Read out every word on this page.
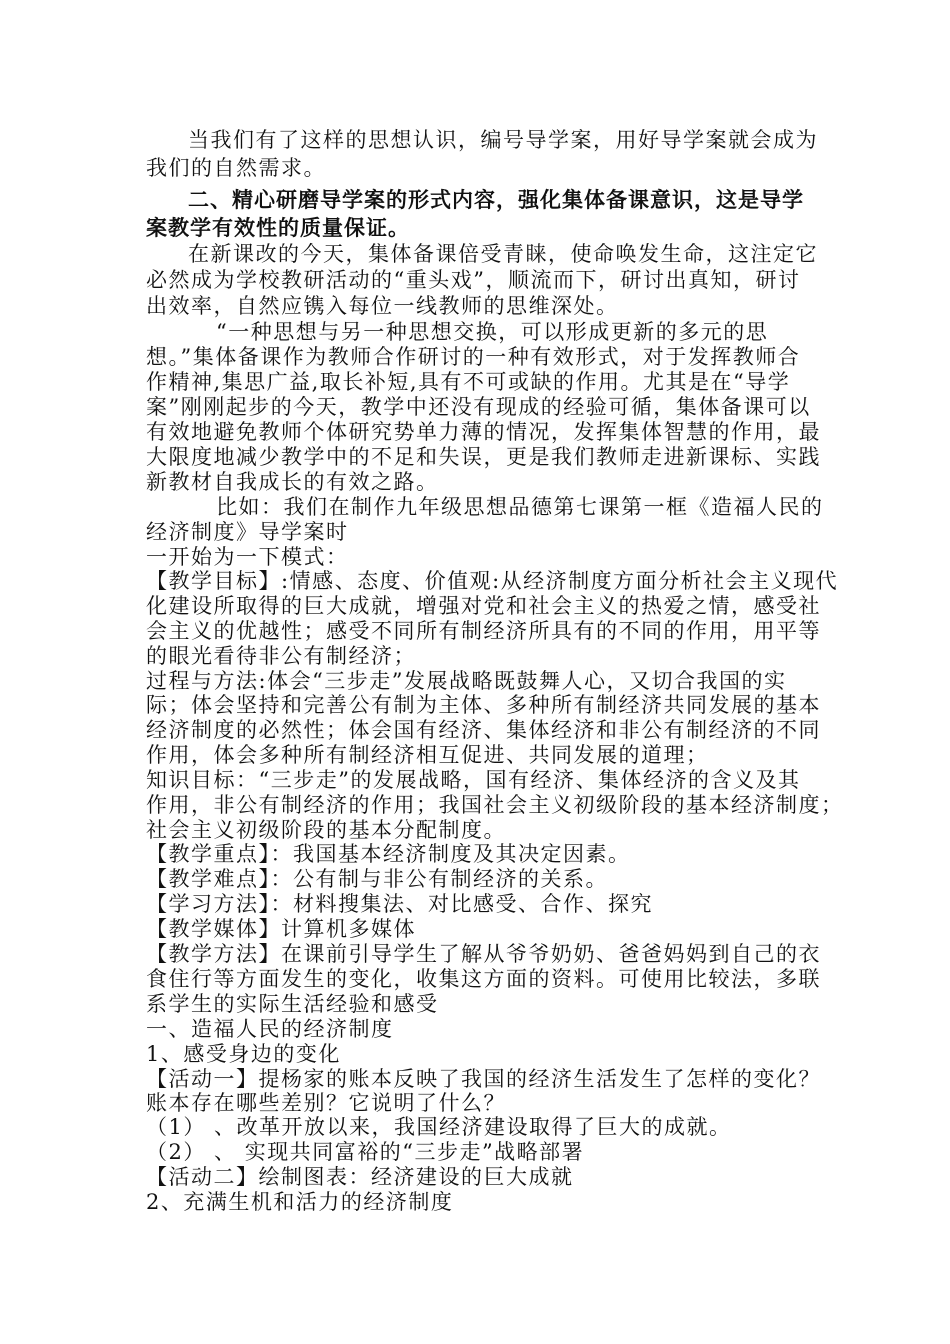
当我们有了这样的思想认识，编号导学案，用好导学案就会成为
我们的自然需求。
二、精心研磨导学案的形式内容，强化集体备课意识，这是导学
案教学有效性的质量保证。
在新课改的今天，集体备课倍受青睐，使命唤发生命，这注定它
必然成为学校教研活动的“重头戏”，顺流而下，研讨出真知，研讨
出效率，自然应镌入每位一线教师的思维深处。
“一种思想与另一种思想交换，可以形成更新的多元的思
想。”集体备课作为教师合作研讨的一种有效形式，对于发挥教师合
作精神,集思广益,取长补短,具有不可或缺的作用。尤其是在“导学
案”刚刚起步的今天，教学中还没有现成的经验可循，集体备课可以
有效地避免教师个体研究势单力薄的情况，发挥集体智慧的作用，最
大限度地减少教学中的不足和失误，更是我们教师走进新课标、实践
新教材自我成长的有效之路。
比如：我们在制作九年级思想品德第七课第一框《造福人民的
经济制度》导学案时
一开始为一下模式：
【教学目标】:情感、态度、价值观:从经济制度方面分析社会主义现代
化建设所取得的巨大成就，增强对党和社会主义的热爱之情，感受社
会主义的优越性；感受不同所有制经济所具有的不同的作用，用平等
的眼光看待非公有制经济；
过程与方法:体会“三步走”发展战略既鼓舞人心，又切合我国的实
际；体会坚持和完善公有制为主体、多种所有制经济共同发展的基本
经济制度的必然性；体会国有经济、集体经济和非公有制经济的不同
作用，体会多种所有制经济相互促进、共同发展的道理；
知识目标：“三步走”的发展战略，国有经济、集体经济的含义及其
作用，非公有制经济的作用；我国社会主义初级阶段的基本经济制度；
社会主义初级阶段的基本分配制度。
【教学重点】：我国基本经济制度及其决定因素。
【教学难点】：公有制与非公有制经济的关系。
【学习方法】：材料搜集法、对比感受、合作、探究
【教学媒体】计算机多媒体
【教学方法】在课前引导学生了解从爷爷奶奶、爸爸妈妈到自己的衣
食住行等方面发生的变化，收集这方面的资料。可使用比较法，多联
系学生的实际生活经验和感受
一、造福人民的经济制度
1、感受身边的变化
【活动一】提杨家的账本反映了我国的经济生活发生了怎样的变化？
账本存在哪些差别？它说明了什么？
（1） 、改革开放以来，我国经济建设取得了巨大的成就。
（2） 、 实现共同富裕的“三步走”战略部署
【活动二】绘制图表：经济建设的巨大成就
2、充满生机和活力的经济制度
